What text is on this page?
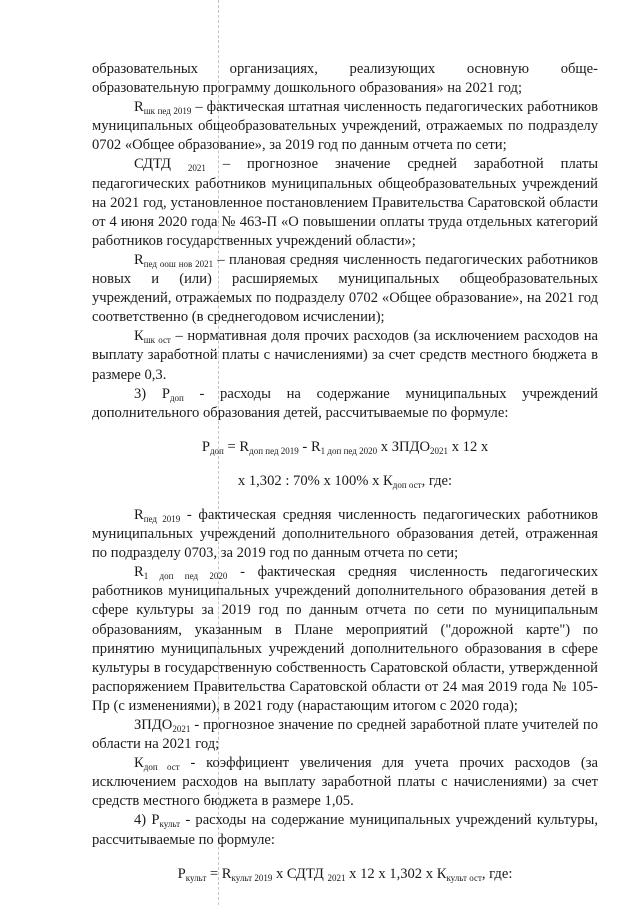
образовательных организациях, реализующих основную обще-

образовательную программу дошкольного образования» на 2021 год;

$R_{шк пед 2019}$ – фактическая штатная численность педагогических работников муниципальных общеобразовательных учреждений, отражаемых по подразделу 0702 «Общее образование», за 2019 год по данным отчета по сети;

СДТД $_{2021}$ – прогнозное значение средней заработной платы педагогических работников муниципальных общеобразовательных учреждений на 2021 год, установленное постановлением Правительства Саратовской области от 4 июня 2020 года № 463-П «О повышении оплаты труда отдельных категорий работников государственных учреждений области»;

$R_{пед оош нов 2021}$ – плановая средняя численность педагогических работников новых и (или) расширяемых муниципальных общеобразовательных учреждений, отражаемых по подразделу 0702 «Общее образование», на 2021 год соответственно (в среднегодовом исчислении);

$К_{шк ост}$ – нормативная доля прочих расходов (за исключением расходов на выплату заработной платы с начислениями) за счет средств местного бюджета в размере 0,3.

3) $Р_{доп}$ - расходы на содержание муниципальных учреждений дополнительного образования детей, рассчитываемые по формуле:

$Р_{доп} = R_{доп пед 2019} - R_{1 доп пед 2020}$ х $ЗПДО_{2021}$ х 12 х

х 1,302 : 70% х 100% х $К_{доп ост}$, где:

$R_{пед 2019}$ - фактическая средняя численность педагогических работников муниципальных учреждений дополнительного образования детей, отраженная по подразделу 0703, за 2019 год по данным отчета по сети;

$R_{1 доп пед 2020}$ - фактическая средняя численность педагогических работников муниципальных учреждений дополнительного образования детей в сфере культуры за 2019 год по данным отчета по сети по муниципальным образованиям, указанным в Плане мероприятий ("дорожной карте") по принятию муниципальных учреждений дополнительного образования в сфере культуры в государственную собственность Саратовской области, утвержденной распоряжением Правительства Саратовской области от 24 мая 2019 года № 105-Пр (с изменениями), в 2021 году (нарастающим итогом с 2020 года);

$ЗПДО_{2021}$ - прогнозное значение по средней заработной плате учителей по области на 2021 год;

$К_{доп ост}$ - коэффициент увеличения для учета прочих расходов (за исключением расходов на выплату заработной платы с начислениями) за счет средств местного бюджета в размере 1,05.

4) $Р_{культ}$ - расходы на содержание муниципальных учреждений культуры, рассчитываемые по формуле:

$Р_{культ} = R_{культ 2019}$ х СДТД $_{2021}$ х 12 х 1,302 х $К_{культ ост}$, где:
